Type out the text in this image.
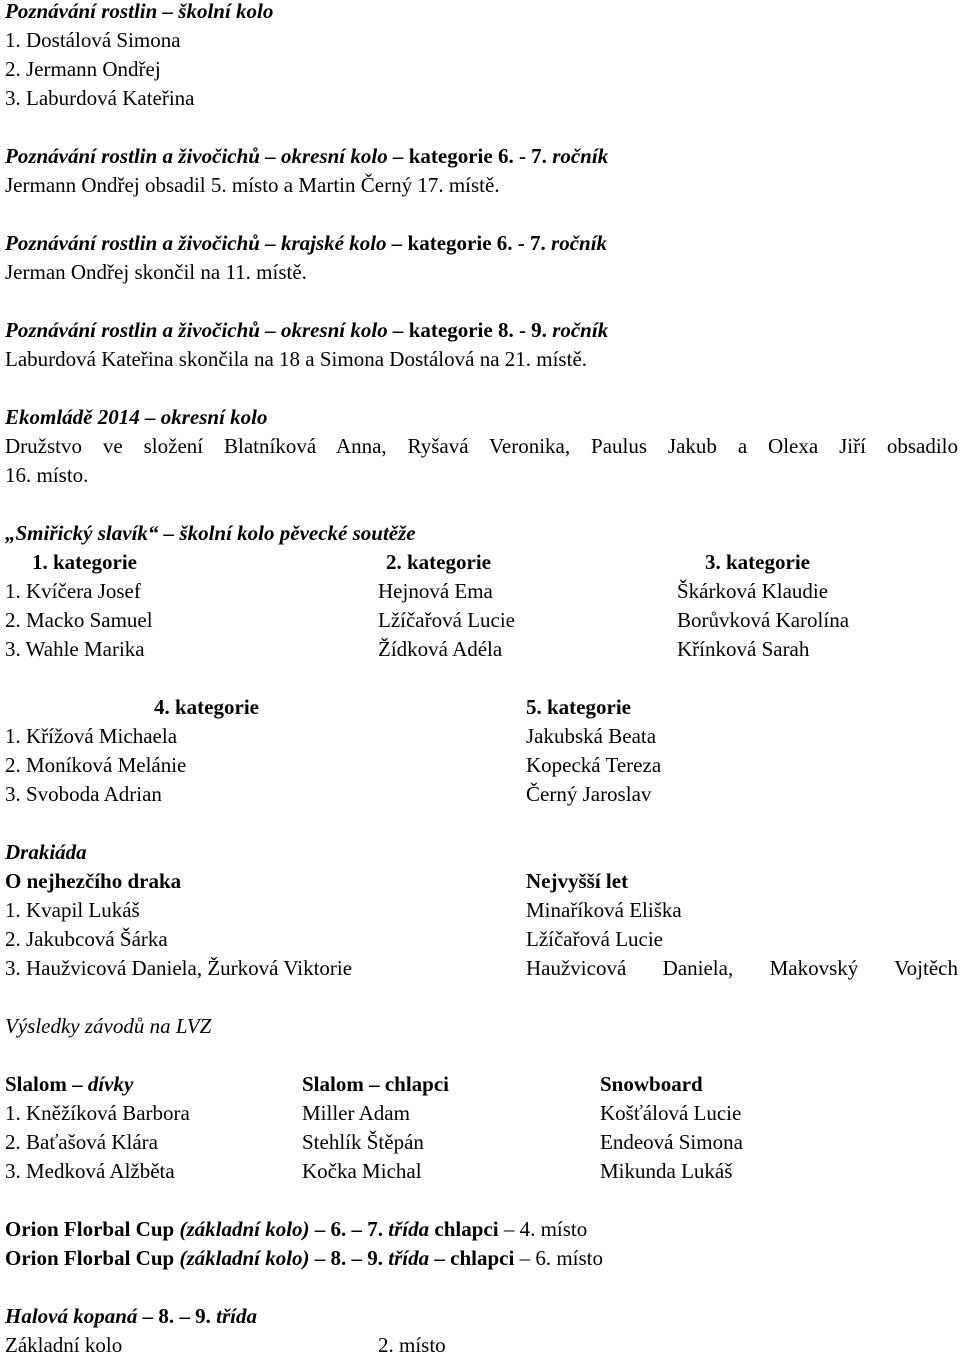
Poznávání rostlin – školní kolo
1. Dostálová Simona
2. Jermann Ondřej
3. Laburdová Kateřina
Poznávání rostlin a živočichů – okresní kolo – kategorie 6. - 7. ročník
Jermann Ondřej obsadil 5. místo a Martin Černý 17. místě.
Poznávání rostlin a živočichů – krajské kolo – kategorie 6. - 7. ročník
Jerman Ondřej skončil na 11. místě.
Poznávání rostlin a živočichů – okresní kolo – kategorie 8. - 9. ročník
Laburdová Kateřina skončila na 18 a Simona Dostálová na 21. místě.
Ekomládě 2014 – okresní kolo
Družstvo ve složení Blatníková Anna, Ryšavá Veronika, Paulus Jakub a Olexa Jiří obsadilo
16. místo.
„Smiřický slavík“ – školní kolo pěvecké soutěže
1. kategorie	2. kategorie	3. kategorie
1. Kvíčera Josef	Hejnová Ema	Škárková Klaudie
2. Macko Samuel	Lžíčařová Lucie	Borůvková Karolína
3. Wahle Marika	Žídková Adéla	Křínková Sarah
4. kategorie	5. kategorie
1. Křížová Michaela	Jakubská Beata
2. Moníková Melánie	Kopecká Tereza
3. Svoboda Adrian	Černý Jaroslav
Drakiáda
O nejhezčího draka	Nejvyšší let
1. Kvapil Lukáš	Minaříková Eliška
2. Jakubcová Šárka	Lžíčařová Lucie
3. Haužvicová Daniela, Žurková Viktorie	Haužvicová Daniela, Makovský Vojtěch
Výsledky závodů na LVZ
Slalom – dívky	Slalom – chlapci	Snowboard
1. Kněžíková Barbora	Miller Adam	Košťálová Lucie
2. Baťašová Klára	Stehlík Štěpán	Endeová Simona
3. Medková Alžběta	Kočka Michal	Mikunda Lukáš
Orion Florbal Cup (základní kolo) – 6. – 7. třída chlapci – 4. místo
Orion Florbal Cup (základní kolo) – 8. – 9. třída – chlapci – 6. místo
Halová kopaná – 8. – 9. třída
Základní kolo	2. místo
